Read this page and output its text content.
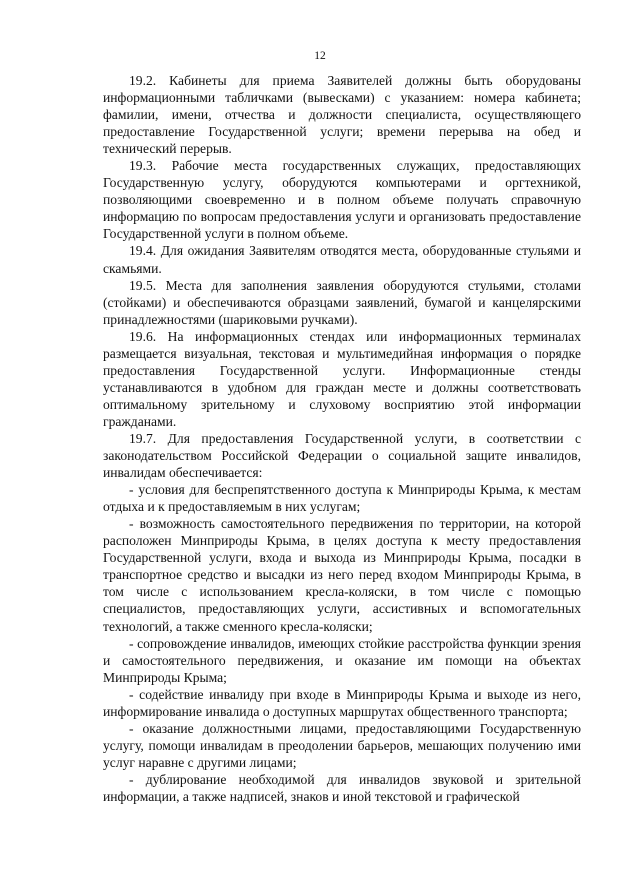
12

19.2. Кабинеты для приема Заявителей должны быть оборудованы информационными табличками (вывесками) с указанием: номера кабинета; фамилии, имени, отчества и должности специалиста, осуществляющего предоставление Государственной услуги; времени перерыва на обед и технический перерыв.

19.3. Рабочие места государственных служащих, предоставляющих Государственную услугу, оборудуются компьютерами и оргтехникой, позволяющими своевременно и в полном объеме получать справочную информацию по вопросам предоставления услуги и организовать предоставление Государственной услуги в полном объеме.

19.4. Для ожидания Заявителям отводятся места, оборудованные стульями и скамьями.

19.5. Места для заполнения заявления оборудуются стульями, столами (стойками) и обеспечиваются образцами заявлений, бумагой и канцелярскими принадлежностями (шариковыми ручками).

19.6. На информационных стендах или информационных терминалах размещается визуальная, текстовая и мультимедийная информация о порядке предоставления Государственной услуги. Информационные стенды устанавливаются в удобном для граждан месте и должны соответствовать оптимальному зрительному и слуховому восприятию этой информации гражданами.

19.7. Для предоставления Государственной услуги, в соответствии с законодательством Российской Федерации о социальной защите инвалидов, инвалидам обеспечивается:

- условия для беспрепятственного доступа к Минприроды Крыма, к местам отдыха и к предоставляемым в них услугам;

- возможность самостоятельного передвижения по территории, на которой расположен Минприроды Крыма, в целях доступа к месту предоставления Государственной услуги, входа и выхода из Минприроды Крыма, посадки в транспортное средство и высадки из него перед входом Минприроды Крыма, в том числе с использованием кресла-коляски, в том числе с помощью специалистов, предоставляющих услуги, ассистивных и вспомогательных технологий, а также сменного кресла-коляски;

- сопровождение инвалидов, имеющих стойкие расстройства функции зрения и самостоятельного передвижения, и оказание им помощи на объектах Минприроды Крыма;

- содействие инвалиду при входе в Минприроды Крыма и выходе из него, информирование инвалида о доступных маршрутах общественного транспорта;

- оказание должностными лицами, предоставляющими Государственную услугу, помощи инвалидам в преодолении барьеров, мешающих получению ими услуг наравне с другими лицами;

- дублирование необходимой для инвалидов звуковой и зрительной информации, а также надписей, знаков и иной текстовой и графической
